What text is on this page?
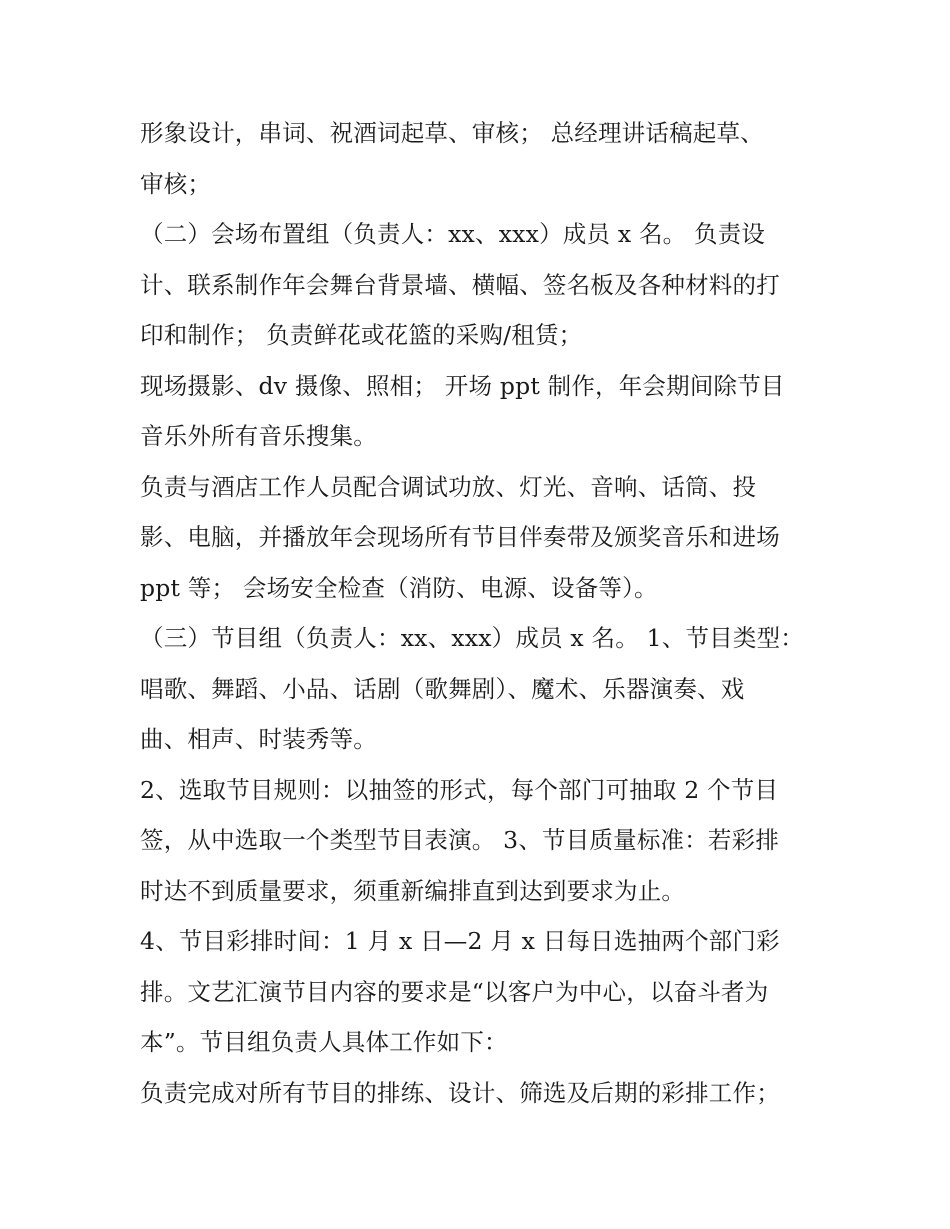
形象设计，串词、祝酒词起草、审核； 总经理讲话稿起草、
审核；
（二）会场布置组（负责人：xx、xxx）成员 x 名。 负责设
计、联系制作年会舞台背景墙、横幅、签名板及各种材料的打
印和制作； 负责鲜花或花篮的采购/租赁；
现场摄影、dv 摄像、照相； 开场 ppt 制作，年会期间除节目
音乐外所有音乐搜集。
负责与酒店工作人员配合调试功放、灯光、音响、话筒、投
影、电脑，并播放年会现场所有节目伴奏带及颁奖音乐和进场
ppt 等； 会场安全检查（消防、电源、设备等）。
（三）节目组（负责人：xx、xxx）成员 x 名。 1、节目类型：
唱歌、舞蹈、小品、话剧（歌舞剧）、魔术、乐器演奏、戏
曲、相声、时装秀等。
2、选取节目规则：以抽签的形式，每个部门可抽取 2 个节目
签，从中选取一个类型节目表演。 3、节目质量标准：若彩排
时达不到质量要求，须重新编排直到达到要求为止。
4、节目彩排时间：1 月 x 日—2 月 x 日每日选抽两个部门彩
排。文艺汇演节目内容的要求是“以客户为中心，以奋斗者为
本”。节目组负责人具体工作如下：
负责完成对所有节目的排练、设计、筛选及后期的彩排工作；
